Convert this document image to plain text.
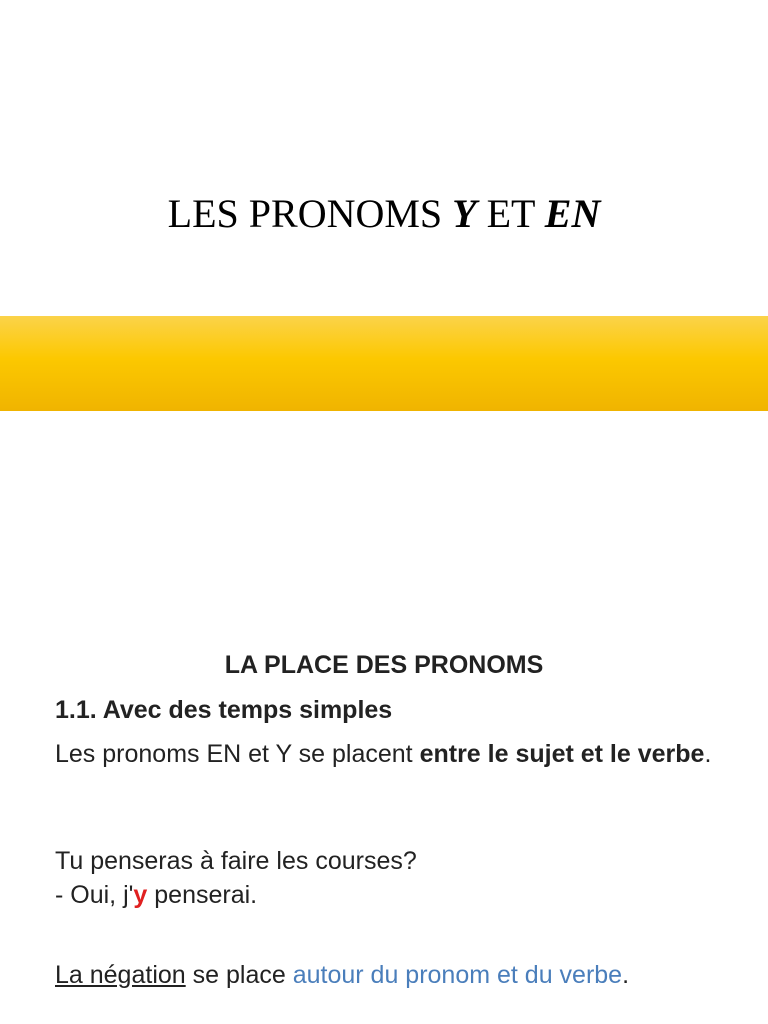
LES PRONOMS Y ET EN
LA PLACE DES PRONOMS
1.1. Avec des temps simples
Les pronoms EN et Y se placent entre le sujet et le verbe.
Tu penseras à faire les courses?
- Oui, j'y penserai.
La négation se place autour du pronom et du verbe.
